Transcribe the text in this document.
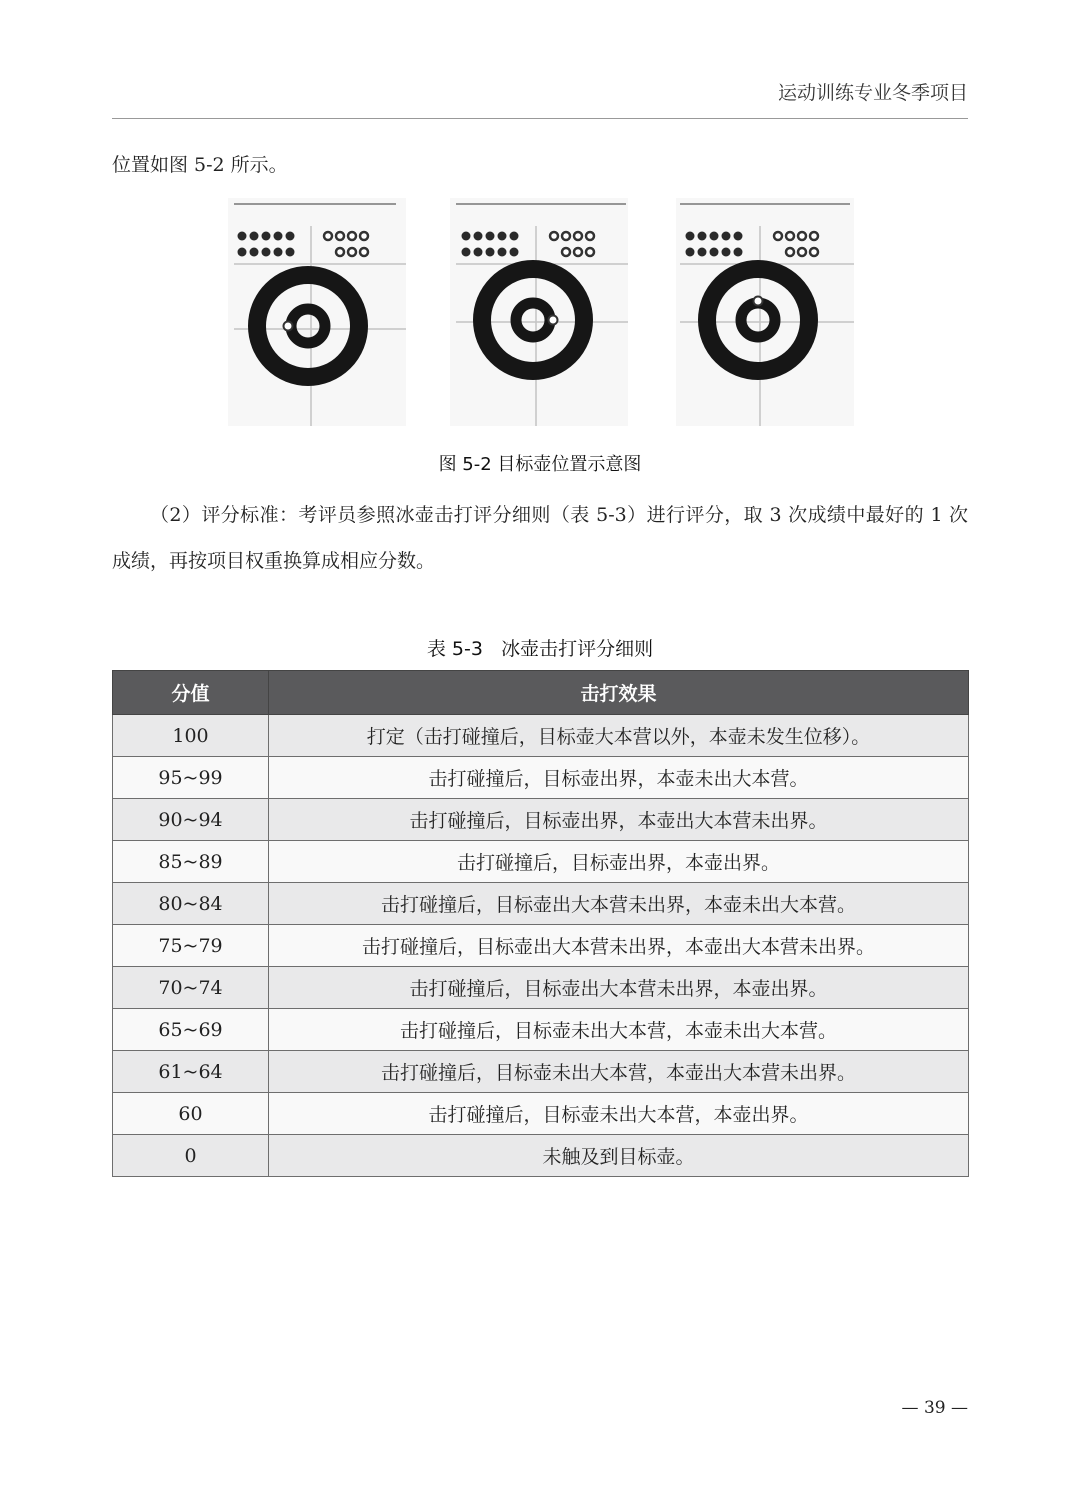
运动训练专业冬季项目
位置如图 5-2 所示。
图 5-2 目标壶位置示意图
（2）评分标准：考评员参照冰壶击打评分细则（表 5-3）进行评分，取 3 次成绩中最好的 1 次成绩，再按项目权重换算成相应分数。
表 5-3   冰壶击打评分细则
分值	击打效果
100	打定（击打碰撞后，目标壶大本营以外，本壶未发生位移）。
95~99	击打碰撞后，目标壶出界，本壶未出大本营。
90~94	击打碰撞后，目标壶出界，本壶出大本营未出界。
85~89	击打碰撞后，目标壶出界，本壶出界。
80~84	击打碰撞后，目标壶出大本营未出界，本壶未出大本营。
75~79	击打碰撞后，目标壶出大本营未出界，本壶出大本营未出界。
70~74	击打碰撞后，目标壶出大本营未出界，本壶出界。
65~69	击打碰撞后，目标壶未出大本营，本壶未出大本营。
61~64	击打碰撞后，目标壶未出大本营，本壶出大本营未出界。
60	击打碰撞后，目标壶未出大本营，本壶出界。
0	未触及到目标壶。
— 39 —
